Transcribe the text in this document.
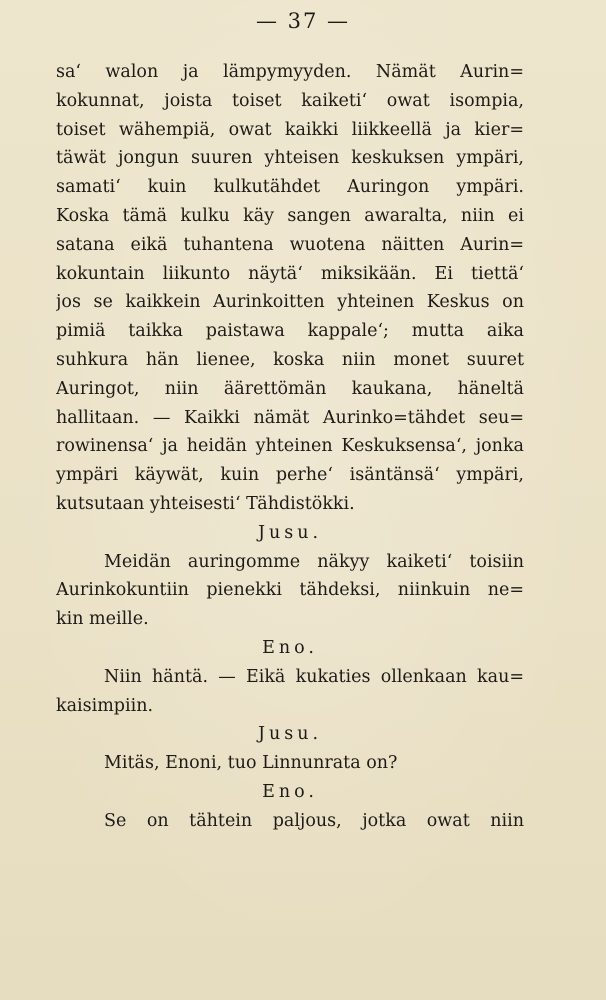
— 37 —
sa‘ walon ja lämpymyyden. Nämät Aurin=
kokunnat, joista toiset kaiketi‘ owat isompia,
toiset wähempiä, owat kaikki liikkeellä ja kier=
täwät jongun suuren yhteisen keskuksen ympäri,
samati‘ kuin kulkutähdet Auringon ympäri.
Koska tämä kulku käy sangen awaralta, niin ei
satana eikä tuhantena wuotena näitten Aurin=
kokuntain liikunto näytä‘ miksikään. Ei tiettä‘
jos se kaikkein Aurinkoitten yhteinen Keskus on
pimiä taikka paistawa kappale‘; mutta aika
suhkura hän lienee, koska niin monet suuret
Auringot, niin äärettömän kaukana, häneltä
hallitaan. — Kaikki nämät Aurinko=tähdet seu=
rowinensa‘ ja heidän yhteinen Keskuksensa‘, jonka
ympäri käywät, kuin perhe‘ isäntänsä‘ ympäri,
kutsutaan yhteisesti‘ Tähdistökki.
Jusu.
Meidän auringomme näkyy kaiketi‘ toisiin
Aurinkokuntiin pienekki tähdeksi, niinkuin ne=
kin meille.
Eno.
Niin häntä. — Eikä kukaties ollenkaan kau=
kaisimpiin.
Jusu.
Mitäs, Enoni, tuo Linnunrata on?
Eno.
Se on tähtein paljous, jotka owat niin
